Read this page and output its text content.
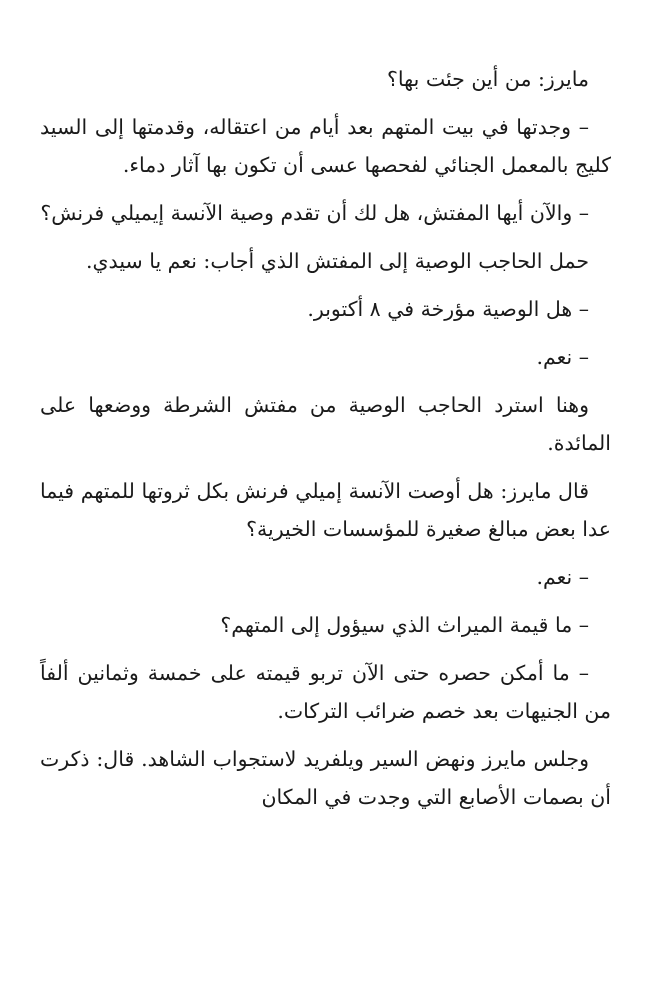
مايرز: من أين جئت بها؟

– وجدتها في بيت المتهم بعد أيام من اعتقاله، وقدمتها إلى السيد كليج بالمعمل الجنائي لفحصها عسى أن تكون بها آثار دماء.

– والآن أيها المفتش، هل لك أن تقدم وصية الآنسة إيميلي فرنش؟

حمل الحاجب الوصية إلى المفتش الذي أجاب: نعم يا سيدي.

– هل الوصية مؤرخة في ٨ أكتوبر.

– نعم.

وهنا استرد الحاجب الوصية من مفتش الشرطة ووضعها على المائدة.

قال مايرز: هل أوصت الآنسة إميلي فرنش بكل ثروتها للمتهم فيما عدا بعض مبالغ صغيرة للمؤسسات الخيرية؟

– نعم.

– ما قيمة الميراث الذي سيؤول إلى المتهم؟

– ما أمكن حصره حتى الآن تربو قيمته على خمسة وثمانين ألفاً من الجنيهات بعد خصم ضرائب التركات.

وجلس مايرز ونهض السير ويلفريد لاستجواب الشاهد. قال: ذكرت أن بصمات الأصابع التي وجدت في المكان
